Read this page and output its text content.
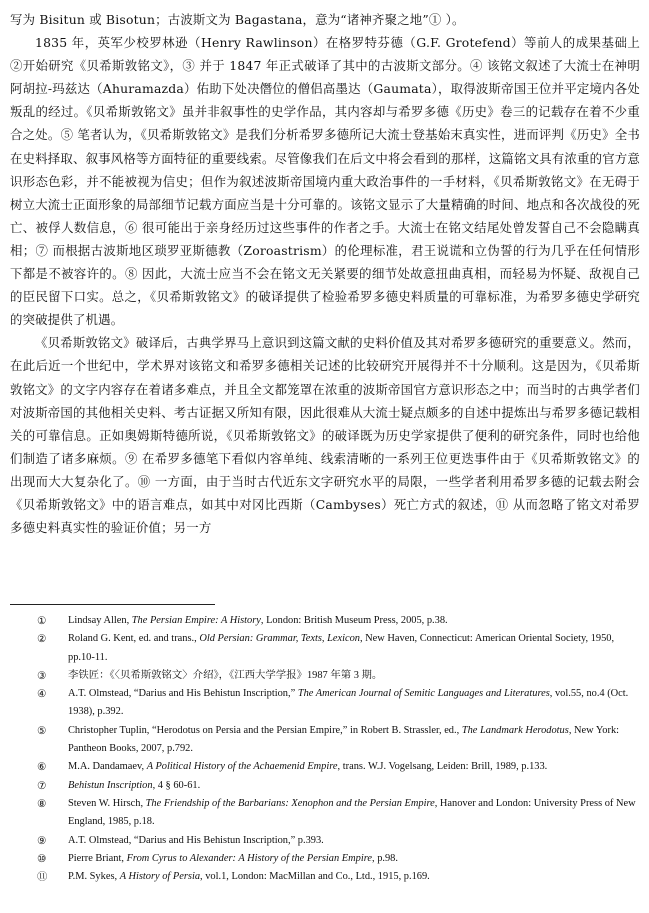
写为 Bisitun 或 Bisotun；古波斯文为 Bagastana，意为“诸神齐聚之地”① ）。

1835 年，英军少校罗林逊（Henry Rawlinson）在格罗特芬德（G.F. Grotefend）等前人的成果基础上②开始研究《贝希斯敦铭文》，③ 并于 1847 年正式破译了其中的古波斯文部分。④ 该铭文叙述了大流士在神明阿胡拉-玛兹达（Ahuramazda）佑助下处决僭位的僧侣高墨达（Gaumata），取得波斯帝国王位并平定境内各处叛乱的经过。《贝希斯敦铭文》虽并非叙事性的史学作品，其内容却与希罗多德《历史》卷三的记载存在着不少重合之处。⑤ 笔者认为，《贝希斯敦铭文》是我们分析希罗多德所记大流士登基始末真实性，进而评判《历史》全书在史料择取、叙事风格等方面特征的重要线索。尽管像我们在后文中将会看到的那样，这篇铭文具有浓重的官方意识形态色彩，并不能被视为信史；但作为叙述波斯帝国境内重大政治事件的一手材料，《贝希斯敦铭文》在无碍于树立大流士正面形象的局部细节记载方面应当是十分可靠的。该铭文显示了大量精确的时间、地点和各次战役的死亡、被俘人数信息，⑥ 很可能出于亲身经历过这些事件的作者之手。大流士在铭文结尾处曾发誓自己不会隐瞒真相；⑦ 而根据古波斯地区琐罗亚斯德教（Zoroastrism）的伦理标准，君王说谎和立伪誓的行为几乎在任何情形下都是不被容许的。⑧ 因此，大流士应当不会在铭文无关紧要的细节处故意扭曲真相，而轻易为怀疑、敌视自己的臣民留下口实。总之，《贝希斯敦铭文》的破译提供了检验希罗多德史料质量的可靠标准，为希罗多德史学研究的突破提供了机遇。

《贝希斯敦铭文》破译后，古典学界马上意识到这篇文献的史料价值及其对希罗多德研究的重要意义。然而，在此后近一个世纪中，学术界对该铭文和希罗多德相关记述的比较研究开展得并不十分顺利。这是因为，《贝希斯敦铭文》的文字内容存在着诸多难点，并且全文都笼罩在浓重的波斯帝国官方意识形态之中；而当时的古典学者们对波斯帝国的其他相关史料、考古证据又所知有限，因此很难从大流士疑点颇多的自述中提炼出与希罗多德记载相关的可靠信息。正如奥姆斯特德所说，《贝希斯敦铭文》的破译既为历史学家提供了便利的研究条件，同时也给他们制造了诸多麻烦。⑨ 在希罗多德笔下看似内容单纯、线索清晰的一系列王位更迭事件由于《贝希斯敦铭文》的出现而大大复杂化了。⑩ 一方面，由于当时古代近东文字研究水平的局限，一些学者利用希罗多德的记载去附会《贝希斯敦铭文》中的语言难点，如其中对冈比西斯（Cambyses）死亡方式的叙述，⑪ 从而忽略了铭文对希罗多德史料真实性的验证价值；另一方

①	Lindsay Allen, The Persian Empire: A History, London: British Museum Press, 2005, p.38.
②	Roland G. Kent, ed. and trans., Old Persian: Grammar, Texts, Lexicon, New Haven, Connecticut: American Oriental Society, 1950, pp.10-11.
③	李铁匠：《〈贝希斯敦铭文〉介绍》，《江西大学学报》1987 年第 3 期。
④	A.T. Olmstead, “Darius and His Behistun Inscription,” The American Journal of Semitic Languages and Literatures, vol.55, no.4 (Oct. 1938), p.392.
⑤	Christopher Tuplin, “Herodotus on Persia and the Persian Empire,” in Robert B. Strassler, ed., The Landmark Herodotus, New York: Pantheon Books, 2007, p.792.
⑥	M.A. Dandamaev, A Political History of the Achaemenid Empire, trans. W.J. Vogelsang, Leiden: Brill, 1989, p.133.
⑦	Behistun Inscription, 4 § 60-61.
⑧	Steven W. Hirsch, The Friendship of the Barbarians: Xenophon and the Persian Empire, Hanover and London: University Press of New England, 1985, p.18.
⑨	A.T. Olmstead, “Darius and His Behistun Inscription,” p.393.
⑩	Pierre Briant, From Cyrus to Alexander: A History of the Persian Empire, p.98.
⑪	P.M. Sykes, A History of Persia, vol.1, London: MacMillan and Co., Ltd., 1915, p.169.
